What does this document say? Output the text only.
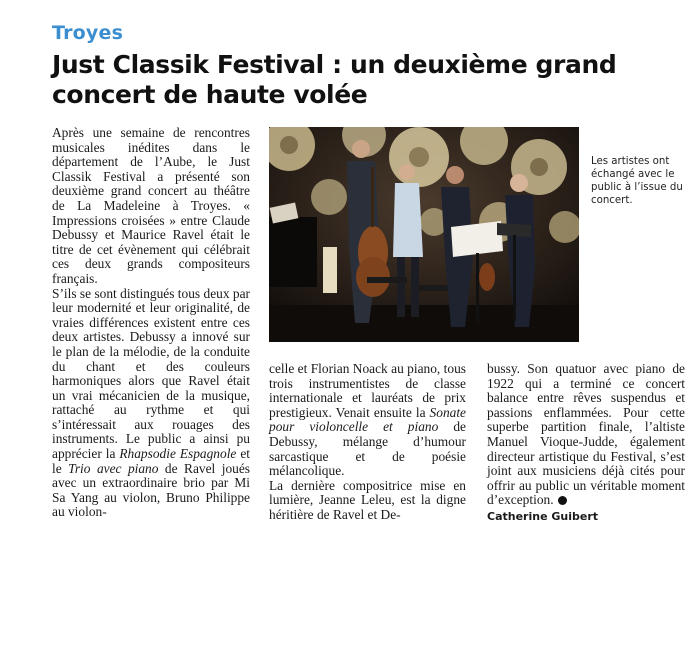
Troyes
Just Classik Festival : un deuxième grand concert de haute volée

Après une semaine de rencontres musicales inédites dans le département de l’Aube, le Just Classik Festival a présenté son deuxième grand concert au théâtre de La Madeleine à Troyes. « Impressions croisées » entre Claude Debussy et Maurice Ravel était le titre de cet évènement qui célébrait ces deux grands compositeurs français.

S’ils se sont distingués tous deux par leur modernité et leur originalité, de vraies différences existent entre ces deux artistes. Debussy a innové sur le plan de la mélodie, de la conduite du chant et des couleurs harmoniques alors que Ravel était un vrai mécanicien de la musique, rattaché au rythme et qui s’intéressait aux rouages des instruments. Le public a ainsi pu apprécier la Rhapsodie Espagnole et le Trio avec piano de Ravel joués avec un extraordinaire brio par Mi Sa Yang au violon, Bruno Philippe au violon-

Les artistes ont échangé avec le public à l’issue du concert.

celle et Florian Noack au piano, tous trois instrumentistes de classe internationale et lauréats de prix prestigieux. Venait ensuite la Sonate pour violoncelle et piano de Debussy, mélange d’humour sarcastique et de poésie mélancolique.

La dernière compositrice mise en lumière, Jeanne Leleu, est la digne héritière de Ravel et De-

bussy. Son quatuor avec piano de 1922 qui a terminé ce concert balance entre rêves suspendus et passions enflammées. Pour cette superbe partition finale, l’altiste Manuel Vioque-Judde, également directeur artistique du Festival, s’est joint aux musiciens déjà cités pour offrir au public un véritable moment d’exception.

Catherine Guibert
